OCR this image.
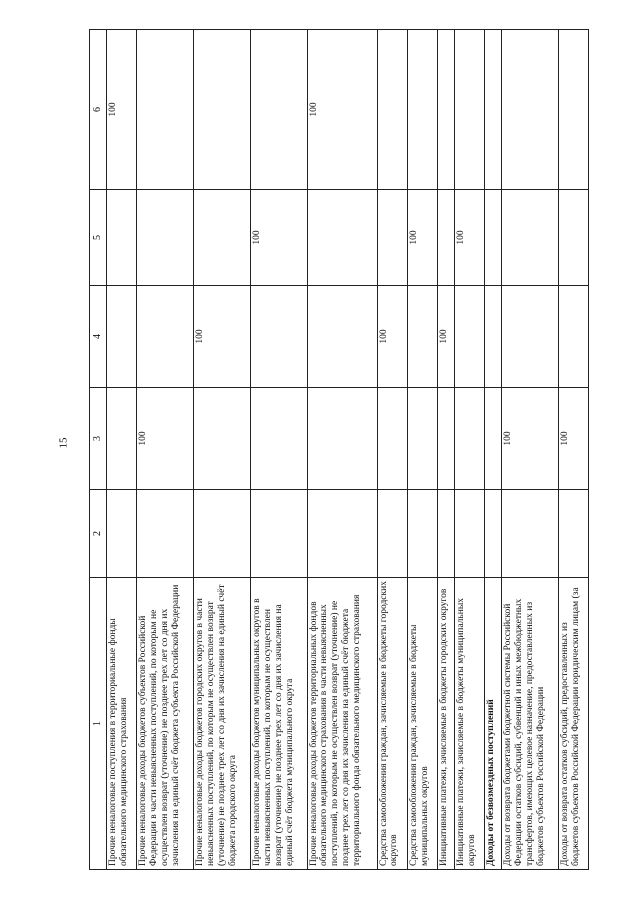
15
1	2	3	4	5	6
Прочие неналоговые поступления в территориальные фонды обязательного медицинского страхования					100
Прочие неналоговые доходы бюджетов субъектов Российской Федерации в части невыясненных поступлений, по которым не осуществлен возврат (уточнение) не позднее трех лет со дня их зачисления на единый счёт бюджета субъекта Российской Федерации		100			
Прочие неналоговые доходы бюджетов городских округов в части невыясненных поступлений, по которым не осуществлен возврат (уточнение) не позднее трех лет со дня их зачисления на единый счёт бюджета городского округа			100		
Прочие неналоговые доходы бюджетов муниципальных округов в части невыясненных поступлений, по которым не осуществлен возврат (уточнение) не позднее трех лет со дня их зачисления на единый счёт бюджета муниципального округа				100	
Прочие неналоговые доходы бюджетов территориальных фондов обязательного медицинского страхования в части невыясненных поступлений, по которым не осуществлен возврат (уточнение) не позднее трех лет со дня их зачисления на единый счёт бюджета территориального фонда обязательного медицинского страхования					100
Средства самообложения граждан, зачисляемые в бюджеты городских округов			100		
Средства самообложения граждан, зачисляемые в бюджеты муниципальных округов				100	
Инициативные платежи, зачисляемые в бюджеты городских округов			100		
Инициативные платежи, зачисляемые в бюджеты муниципальных округов				100	
Доходы от безвозмездных поступлений					
Доходы от возврата бюджетами бюджетной системы Российской Федерации остатков субсидий, субвенций и иных межбюджетных трансфертов, имеющих целевое назначение, предоставленных из бюджетов субъектов Российской Федерации		100			
Доходы от возврата остатков субсидий, предоставленных из бюджетов субъектов Российской Федерации юридическим лицам (за		100			
